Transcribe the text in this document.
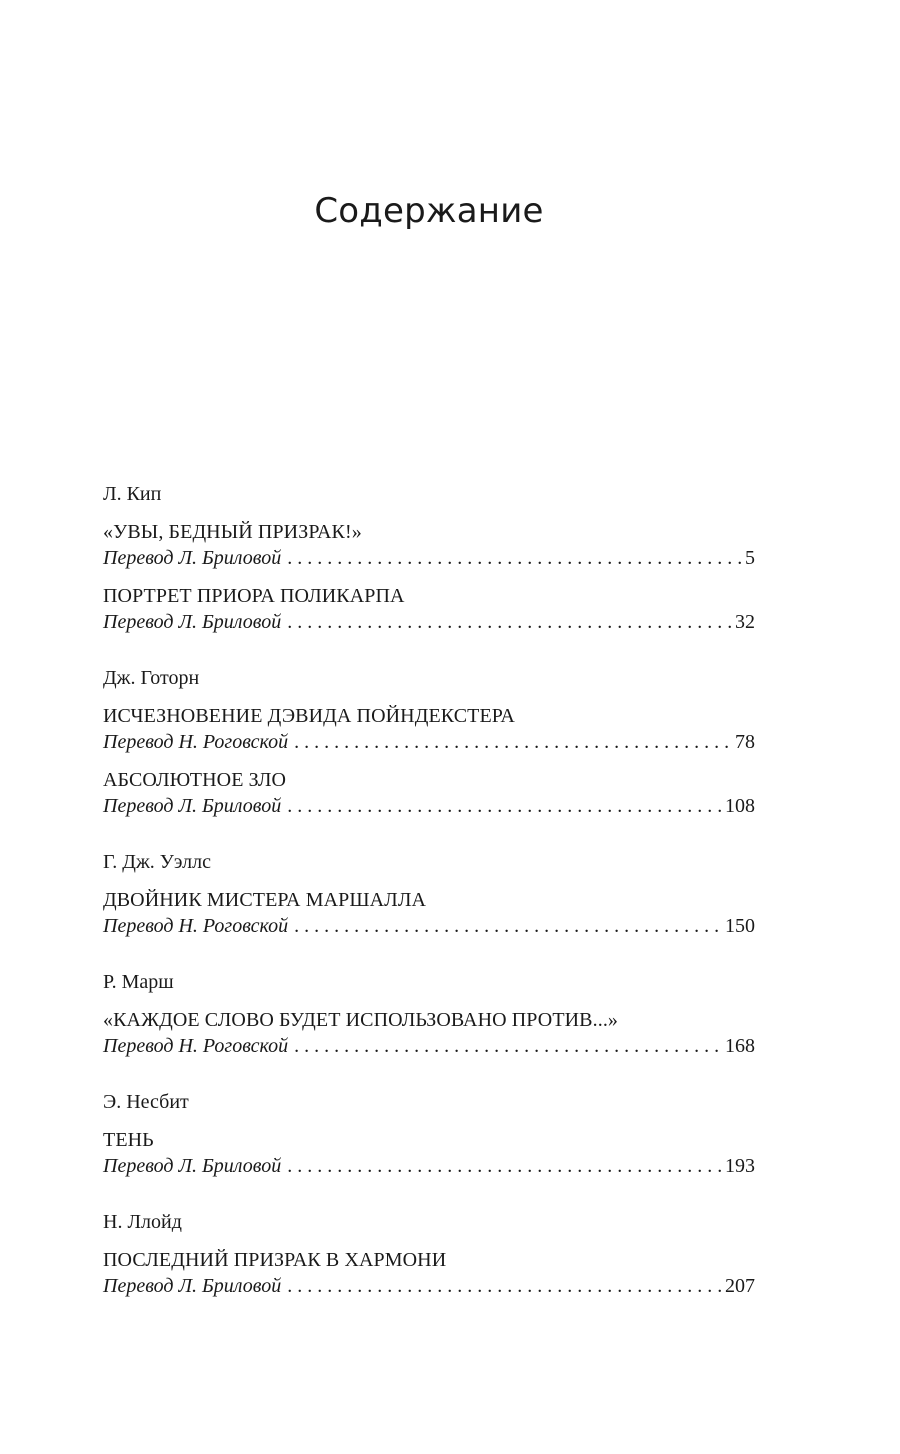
Содержание
Л. Кип
«УВЫ, БЕДНЫЙ ПРИЗРАК!»
Перевод Л. Бриловой . . .	5
ПОРТРЕТ ПРИОРА ПОЛИКАРПА
Перевод Л. Бриловой . . .	32
Дж. Готорн
ИСЧЕЗНОВЕНИЕ ДЭВИДА ПОЙНДЕКСТЕРА
Перевод Н. Роговской . . .	78
АБСОЛЮТНОЕ ЗЛО
Перевод Л. Бриловой . . .	108
Г. Дж. Уэллс
ДВОЙНИК МИСТЕРА МАРШАЛЛА
Перевод Н. Роговской . . .	150
Р. Марш
«КАЖДОЕ СЛОВО БУДЕТ ИСПОЛЬЗОВАНО ПРОТИВ...»
Перевод Н. Роговской . . .	168
Э. Несбит
ТЕНЬ
Перевод Л. Бриловой . . .	193
Н. Ллойд
ПОСЛЕДНИЙ ПРИЗРАК В ХАРМОНИ
Перевод Л. Бриловой . . .	207
